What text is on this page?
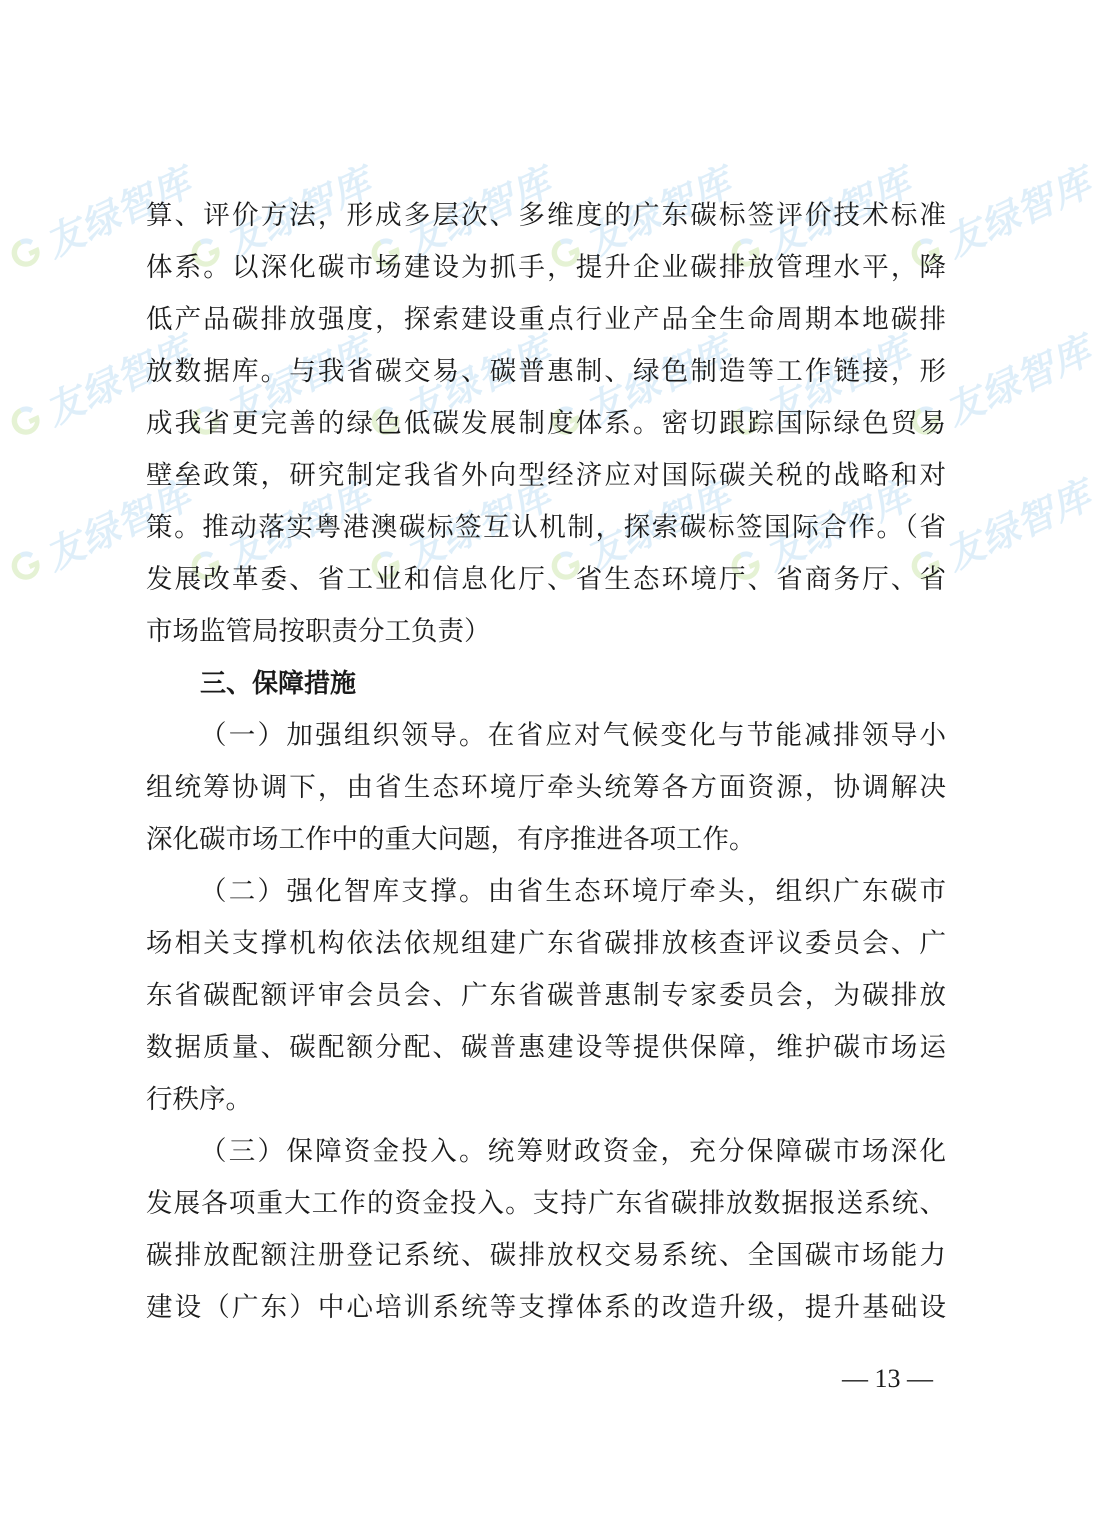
友绿智库 友绿智库 友绿智库 友绿智库 友绿智库 友绿智库
友绿智库 友绿智库 友绿智库 友绿智库 友绿智库 友绿智库
友绿智库 友绿智库 友绿智库 友绿智库 友绿智库 友绿智库
算、评价方法，形成多层次、多维度的广东碳标签评价技术标准
体系。以深化碳市场建设为抓手，提升企业碳排放管理水平，降
低产品碳排放强度，探索建设重点行业产品全生命周期本地碳排
放数据库。与我省碳交易、碳普惠制、绿色制造等工作链接，形
成我省更完善的绿色低碳发展制度体系。密切跟踪国际绿色贸易
壁垒政策，研究制定我省外向型经济应对国际碳关税的战略和对
策。推动落实粤港澳碳标签互认机制，探索碳标签国际合作。（省
发展改革委、省工业和信息化厅、省生态环境厅、省商务厅、省
市场监管局按职责分工负责）
三、保障措施
（一）加强组织领导。在省应对气候变化与节能减排领导小
组统筹协调下，由省生态环境厅牵头统筹各方面资源，协调解决
深化碳市场工作中的重大问题，有序推进各项工作。
（二）强化智库支撑。由省生态环境厅牵头，组织广东碳市
场相关支撑机构依法依规组建广东省碳排放核查评议委员会、广
东省碳配额评审会员会、广东省碳普惠制专家委员会，为碳排放
数据质量、碳配额分配、碳普惠建设等提供保障，维护碳市场运
行秩序。
（三）保障资金投入。统筹财政资金，充分保障碳市场深化
发展各项重大工作的资金投入。支持广东省碳排放数据报送系统、
碳排放配额注册登记系统、碳排放权交易系统、全国碳市场能力
建设（广东）中心培训系统等支撑体系的改造升级，提升基础设
— 13 —
